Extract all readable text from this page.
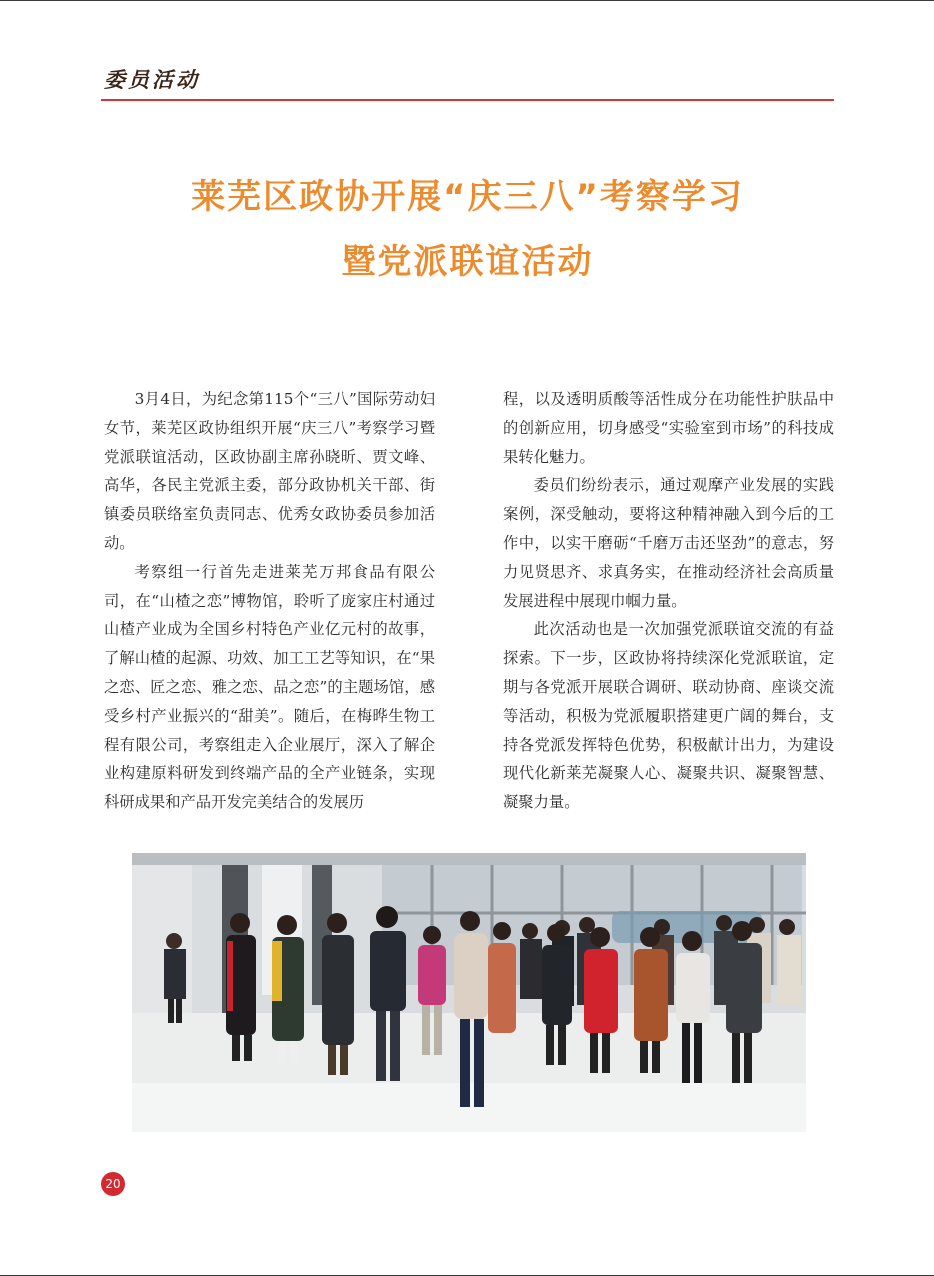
委员活动
莱芜区政协开展“庆三八”考察学习
暨党派联谊活动

3月4日，为纪念第115个“三八”国际劳动妇女节，莱芜区政协组织开展“庆三八”考察学习暨党派联谊活动，区政协副主席孙晓昕、贾文峰、高华，各民主党派主委，部分政协机关干部、街镇委员联络室负责同志、优秀女政协委员参加活动。

考察组一行首先走进莱芜万邦食品有限公司，在“山楂之恋”博物馆，聆听了庞家庄村通过山楂产业成为全国乡村特色产业亿元村的故事，了解山楂的起源、功效、加工工艺等知识，在“果之恋、匠之恋、雅之恋、品之恋”的主题场馆，感受乡村产业振兴的“甜美”。随后，在梅晔生物工程有限公司，考察组走入企业展厅，深入了解企业构建原料研发到终端产品的全产业链条，实现科研成果和产品开发完美结合的发展历

程，以及透明质酸等活性成分在功能性护肤品中的创新应用，切身感受“实验室到市场”的科技成果转化魅力。

委员们纷纷表示，通过观摩产业发展的实践案例，深受触动，要将这种精神融入到今后的工作中，以实干磨砺“千磨万击还坚劲”的意志，努力见贤思齐、求真务实，在推动经济社会高质量发展进程中展现巾帼力量。

此次活动也是一次加强党派联谊交流的有益探索。下一步，区政协将持续深化党派联谊，定期与各党派开展联合调研、联动协商、座谈交流等活动，积极为党派履职搭建更广阔的舞台，支持各党派发挥特色优势，积极献计出力，为建设现代化新莱芜凝聚人心、凝聚共识、凝聚智慧、凝聚力量。

20
